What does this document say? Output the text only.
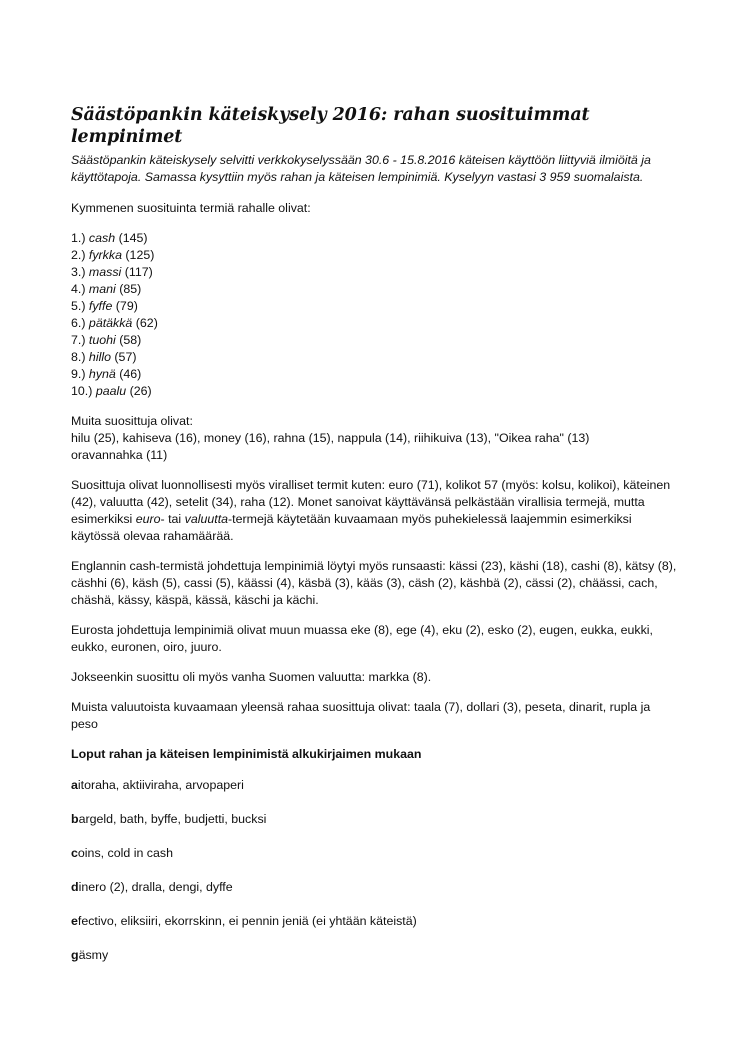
Säästöpankin käteiskysely 2016: rahan suosituimmat lempinimet

Säästöpankin käteiskysely selvitti verkkokyselyssään 30.6 - 15.8.2016 käteisen käyttöön liittyviä ilmiöitä ja käyttötapoja. Samassa kysyttiin myös rahan ja käteisen lempinimiä. Kyselyyn vastasi 3 959 suomalaista.

Kymmenen suosituinta termiä rahalle olivat:

1.) cash (145)
2.) fyrkka (125)
3.) massi (117)
4.) mani (85)
5.) fyffe (79)
6.) pätäkkä (62)
7.) tuohi (58)
8.) hillo (57)
9.) hynä (46)
10.) paalu (26)

Muita suosittuja olivat:
hilu (25), kahiseva (16), money (16), rahna (15), nappula (14), riihikuiva (13), "Oikea raha" (13)
oravannahka (11)

Suosittuja olivat luonnollisesti myös viralliset termit kuten: euro (71), kolikot 57 (myös: kolsu, kolikoi), käteinen (42), valuutta (42), setelit (34), raha (12). Monet sanoivat käyttävänsä pelkästään virallisia termejä, mutta esimerkiksi euro- tai valuutta-termejä käytetään kuvaamaan myös puhekielessä laajemmin esimerkiksi käytössä olevaa rahamäärää.

Englannin cash-termistä johdettuja lempinimiä löytyi myös runsaasti: kässi (23), käshi (18), cashi (8), kätsy (8), cäshhi (6), käsh (5), cassi (5), käässi (4), käsbä (3), kääs (3), cäsh (2), käshbä (2), cässi (2), chäässi, cach, chäshä, kässy, käspä, kässä, käschi ja kächi.

Eurosta johdettuja lempinimiä olivat muun muassa eke (8), ege (4), eku (2), esko (2), eugen, eukka, eukki, eukko, euronen, oiro, juuro.

Jokseenkin suosittu oli myös vanha Suomen valuutta: markka (8).

Muista valuutoista kuvaamaan yleensä rahaa suosittuja olivat: taala (7), dollari (3), peseta, dinarit, rupla ja peso

Loput rahan ja käteisen lempinimistä alkukirjaimen mukaan

aitoraha, aktiiviraha, arvopaperi

bargeld, bath, byffe, budjetti, bucksi

coins, cold in cash

dinero (2), dralla, dengi, dyffe

efectivo, eliksiiri, ekorrskinn, ei pennin jeniä (ei yhtään käteistä)

gäsmy
